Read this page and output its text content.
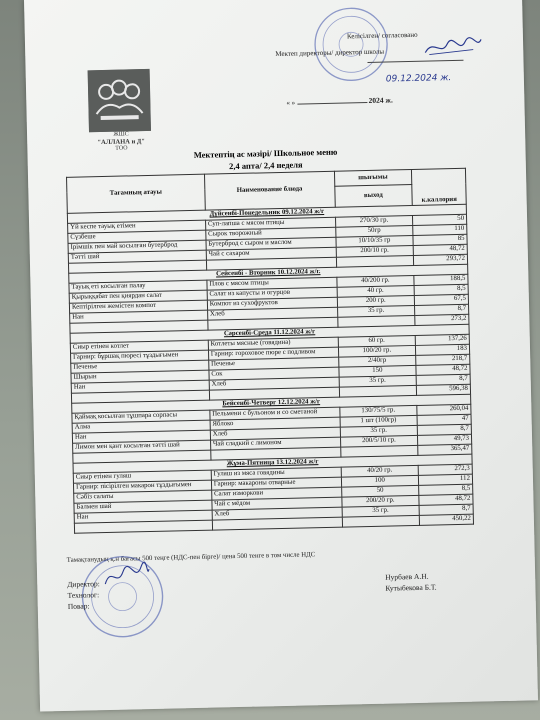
ЖШС
"АЛЛАНА и Д"
ТОО
Келісілген/ согласовано
Мектеп директоры/ директор школы
09.12.2024 ж.
« »	2024 ж.
Мектептің ас мәзірі/ Школьное меню
2,4 апта/ 2,4 неделя
Тағамның атауы	Наименование блюда	шығымы	к.каллория
		выход	
Дүйсенбі-Понедельник 09.12.2024 ж/г			
Үй кеспе тауық етімен	Суп-лапша с мясом птицы	270/30 гр.	50
Сүзбеше	Сырок творожный	50гр	110
Ірімшік пен май косылған бутерброд	Бутерброд с сыром и маслом	10/10/35 гр	85
Тәтті шай	Чай с сахаром	200/10 гр.	48,72
			293,72
Сейсенбі - Вторник 10.12.2024 ж/г.			
Тауық еті косылған палау	Плов с мясом птицы	40/200 гр.	188,5
Қырыққабат пен қиярдан салат	Салат из капусты и огурцов	40 гр.	8,5
Кептірілген жемістен компот	Компот из сухофруктов	200 гр.	67,5
Нан	Хлеб	35 гр.	8,7
			273,2
Сәрсенбі-Среда 11.12.2024 ж/г			
Сиыр етінен котлет	Котлеты мясные (говядина)	60 гр.	137,26
Гарнир: бұршақ пюресі тұздығымен	Гарнир: гороховое пюре с подливом	100/20 гр.	183
Печенье	Печенье	2/40гр	218,7
Шырын	Сок	150	48,72
Нан	Хлеб	35 гр.	8,7
			596,38
Бейсенбі-Четверг 12.12.2024 ж/г			
Қаймақ косылған тұшпара сорпасы	Пельмени с бульоном и со сметаной	130/75/5 гр.	260,04
Алма	Яблоко	1 шт (100гр)	47
Нан	Хлеб	35 гр.	8,7
Лимон мен қант косылған тәтті шай	Чай сладкий с лимоном	200/5/10 гр.	49,73
			365,47
Жұма-Пятница 13.12.2024 ж/г			
Сиыр етінен гуляш	Гуляш из мяса говядины	40/20 гр.	272,3
Гарнир: пісірілген макарон тұздығымен	Гарнир: макароны отварные	100	112
Сәбіз салаты	Салат изморкови	50	8,5
Балмен шай	Чай с мёдом	200/20 гр.	48,72
Нан	Хлеб	35 гр.	8,7
			450,22
Тамақтанудың қ.н бағасы 500 теңге (НДС-пен бірге)/ цена 500 тенге в том числе НДС
Директор:
Технолог:
Повар:
Нурбаев А.Н.
Кутыбекова Б.Т.
